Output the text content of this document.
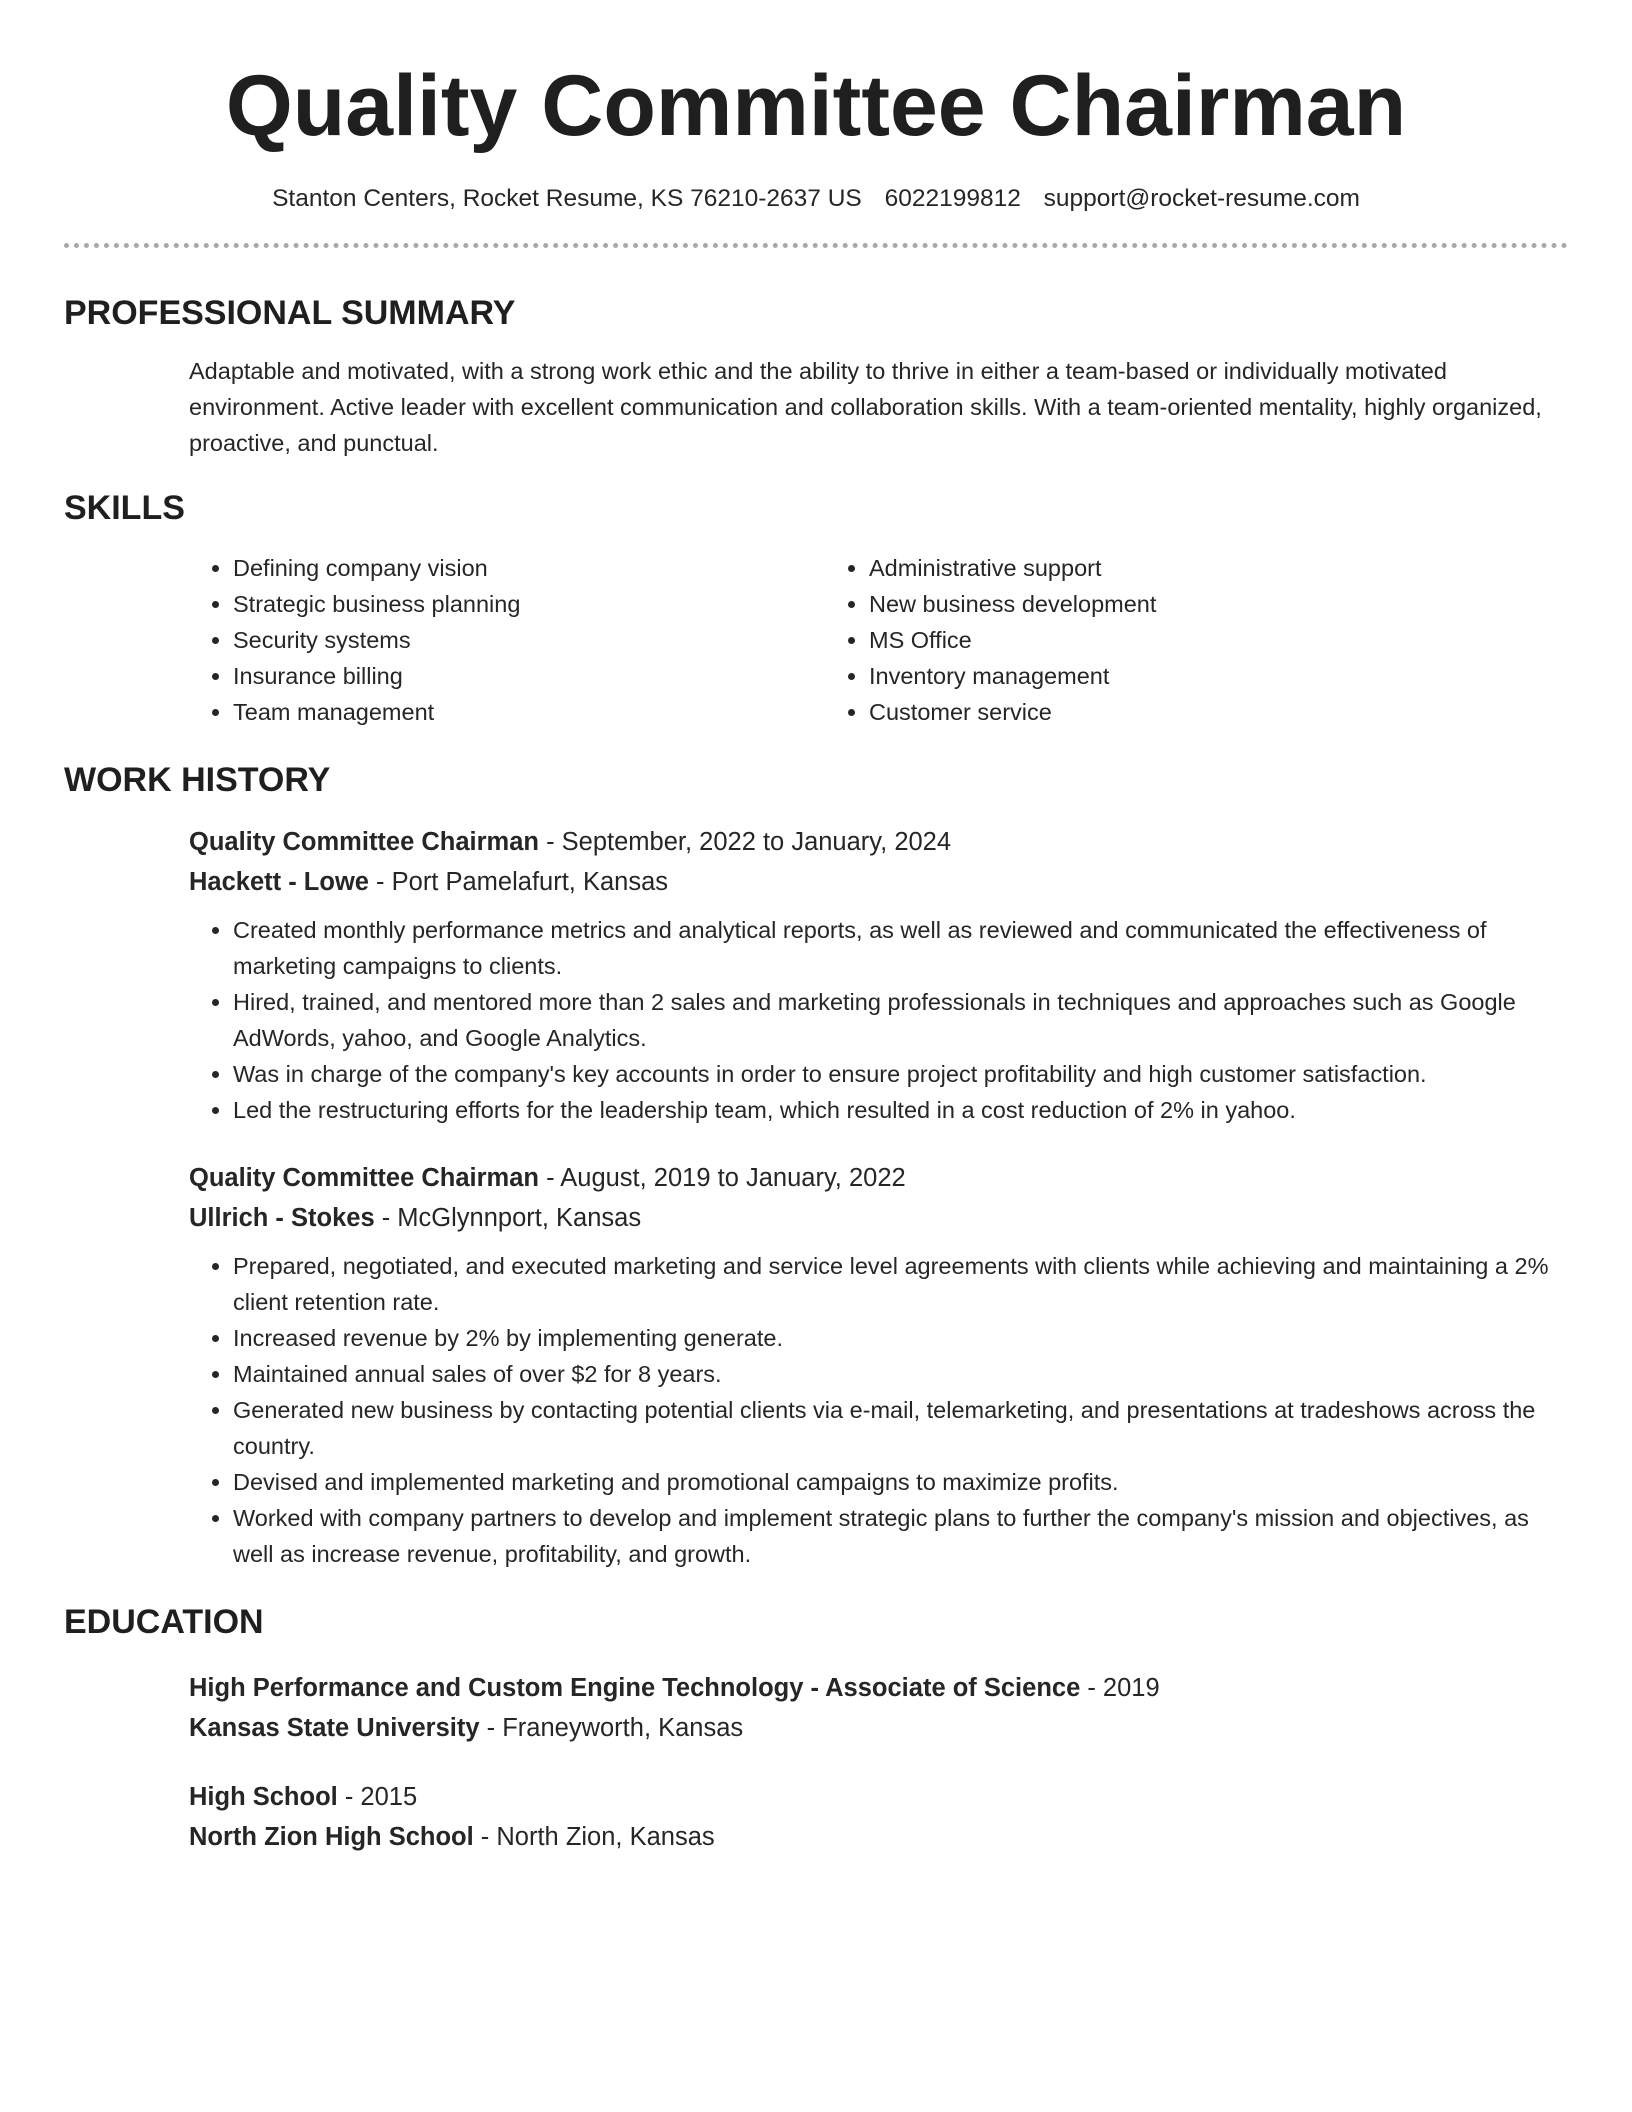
Quality Committee Chairman
Stanton Centers, Rocket Resume, KS 76210-2637 US 6022199812 support@rocket-resume.com
PROFESSIONAL SUMMARY
Adaptable and motivated, with a strong work ethic and the ability to thrive in either a team-based or individually motivated environment. Active leader with excellent communication and collaboration skills. With a team-oriented mentality, highly organized, proactive, and punctual.
SKILLS
• Defining company vision
• Strategic business planning
• Security systems
• Insurance billing
• Team management
• Administrative support
• New business development
• MS Office
• Inventory management
• Customer service
WORK HISTORY
Quality Committee Chairman - September, 2022 to January, 2024
Hackett - Lowe - Port Pamelafurt, Kansas
• Created monthly performance metrics and analytical reports, as well as reviewed and communicated the effectiveness of marketing campaigns to clients.
• Hired, trained, and mentored more than 2 sales and marketing professionals in techniques and approaches such as Google AdWords, yahoo, and Google Analytics.
• Was in charge of the company's key accounts in order to ensure project profitability and high customer satisfaction.
• Led the restructuring efforts for the leadership team, which resulted in a cost reduction of 2% in yahoo.
Quality Committee Chairman - August, 2019 to January, 2022
Ullrich - Stokes - McGlynnport, Kansas
• Prepared, negotiated, and executed marketing and service level agreements with clients while achieving and maintaining a 2% client retention rate.
• Increased revenue by 2% by implementing generate.
• Maintained annual sales of over $2 for 8 years.
• Generated new business by contacting potential clients via e-mail, telemarketing, and presentations at tradeshows across the country.
• Devised and implemented marketing and promotional campaigns to maximize profits.
• Worked with company partners to develop and implement strategic plans to further the company's mission and objectives, as well as increase revenue, profitability, and growth.
EDUCATION
High Performance and Custom Engine Technology - Associate of Science - 2019
Kansas State University - Franeyworth, Kansas
High School - 2015
North Zion High School - North Zion, Kansas
